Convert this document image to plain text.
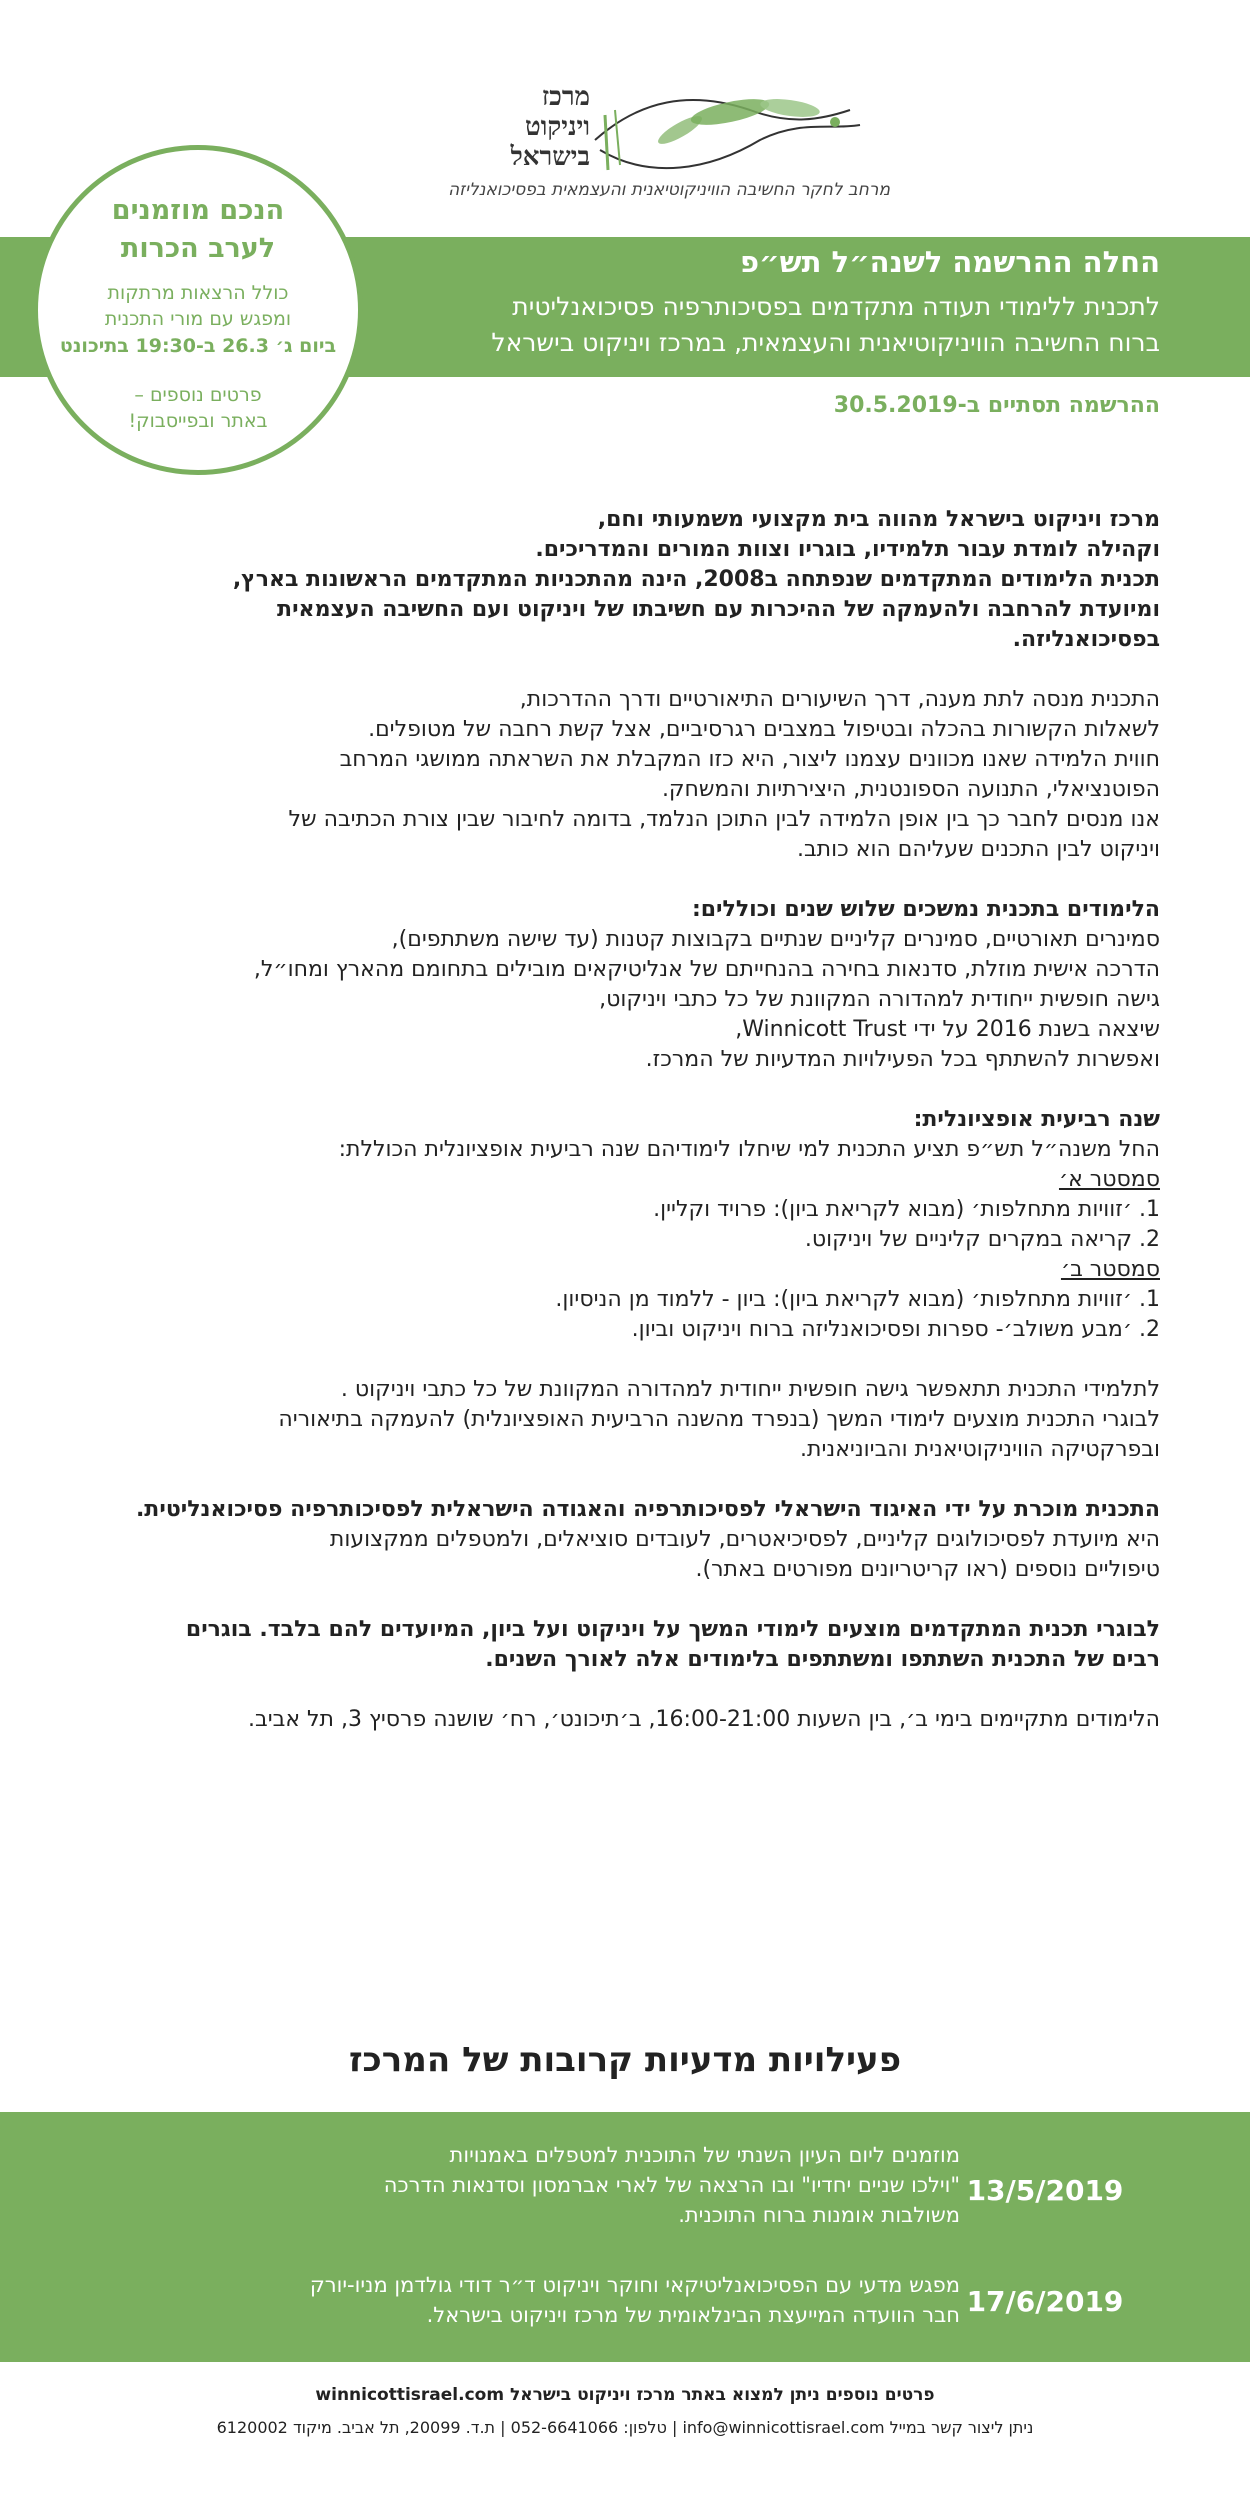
מרכז
ויניקוט
בישראל
מרחב לחקר החשיבה הוויניקוטיאנית והעצמאית בפסיכואנליזה
החלה ההרשמה לשנה״ל תש״פ
לתכנית ללימודי תעודה מתקדמים בפסיכותרפיה פסיכואנליטית
ברוח החשיבה הוויניקוטיאנית והעצמאית, במרכז ויניקוט בישראל
ההרשמה תסתיים ב-30.5.2019
הנכם מוזמנים
לערב הכרות
כולל הרצאות מרתקות
ומפגש עם מורי התכנית
ביום ג׳ 26.3 ב-19:30 בתיכונט
פרטים נוספים –
באתר ובפייסבוק!

מרכז ויניקוט בישראל מהווה בית מקצועי משמעותי וחם,

וקהילה לומדת עבור תלמידיו, בוגריו וצוות המורים והמדריכים.

תכנית הלימודים המתקדמים שנפתחה ב2008, הינה מהתכניות המתקדמים הראשונות בארץ,

ומיועדת להרחבה ולהעמקה של ההיכרות עם חשיבתו של ויניקוט ועם החשיבה העצמאית

בפסיכואנליזה.

התכנית מנסה לתת מענה, דרך השיעורים התיאורטיים ודרך ההדרכות,

לשאלות הקשורות בהכלה ובטיפול במצבים רגרסיביים, אצל קשת רחבה של מטופלים.

חווית הלמידה שאנו מכוונים עצמנו ליצור, היא כזו המקבלת את השראתה ממושגי המרחב

הפוטנציאלי, התנועה הספונטנית, היצירתיות והמשחק.

אנו מנסים לחבר כך בין אופן הלמידה לבין התוכן הנלמד, בדומה לחיבור שבין צורת הכתיבה של

ויניקוט לבין התכנים שעליהם הוא כותב.

הלימודים בתכנית נמשכים שלוש שנים וכוללים:

סמינרים תאורטיים, סמינרים קליניים שנתיים בקבוצות קטנות (עד שישה משתתפים),

הדרכה אישית מוזלת, סדנאות בחירה בהנחייתם של אנליטיקאים מובילים בתחומם מהארץ ומחו״ל,

גישה חופשית ייחודית למהדורה המקוונת של כל כתבי ויניקוט,

שיצאה בשנת 2016 על ידי Winnicott Trust,

ואפשרות להשתתף בכל הפעילויות המדעיות של המרכז.

שנה רביעית אופציונלית:

החל משנה״ל תש״פ תציע התכנית למי שיחלו לימודיהם שנה רביעית אופציונלית הכוללת:

סמסטר א׳

1. ׳זוויות מתחלפות׳ (מבוא לקריאת ביון): פרויד וקליין.

2. קריאה במקרים קליניים של ויניקוט.

סמסטר ב׳

1. ׳זוויות מתחלפות׳ (מבוא לקריאת ביון): ביון - ללמוד מן הניסיון.

2. ׳מבע משולב׳- ספרות ופסיכואנליזה ברוח ויניקוט וביון.

לתלמידי התכנית תתאפשר גישה חופשית ייחודית למהדורה המקוונת של כל כתבי ויניקוט .

לבוגרי התכנית מוצעים לימודי המשך (בנפרד מהשנה הרביעית האופציונלית) להעמקה בתיאוריה

ובפרקטיקה הוויניקוטיאנית והביוניאנית.

התכנית מוכרת על ידי האיגוד הישראלי לפסיכותרפיה והאגודה הישראלית לפסיכותרפיה פסיכואנליטית.

היא מיועדת לפסיכולוגים קליניים, לפסיכיאטרים, לעובדים סוציאלים, ולמטפלים ממקצועות

טיפוליים נוספים (ראו קריטריונים מפורטים באתר).

לבוגרי תכנית המתקדמים מוצעים לימודי המשך על ויניקוט ועל ביון, המיועדים להם בלבד. בוגרים

רבים של התכנית השתתפו ומשתתפים בלימודים אלה לאורך השנים.

הלימודים מתקיימים בימי ב׳, בין השעות 16:00-21:00, ב׳תיכונט׳, רח׳ שושנה פרסיץ 3, תל אביב.

פעילויות מדעיות קרובות של המרכז
13/5/2019
מוזמנים ליום העיון השנתי של התוכנית למטפלים באמנויות
"וילכו שניים יחדיו" ובו הרצאה של לארי אברמסון וסדנאות הדרכה
משולבות אומנות ברוח התוכנית.
17/6/2019
מפגש מדעי עם הפסיכואנליטיקאי וחוקר ויניקוט ד״ר דודי גולדמן מניו-יורק
חבר הוועדה המייעצת הבינלאומית של מרכז ויניקוט בישראל.
פרטים נוספים ניתן למצוא באתר מרכז ויניקוט בישראל winnicottisrael.com
ניתן ליצור קשר במייל info@winnicottisrael.com | טלפון: 052-6641066 | ת.ד. 20099, תל אביב. מיקוד 6120002
